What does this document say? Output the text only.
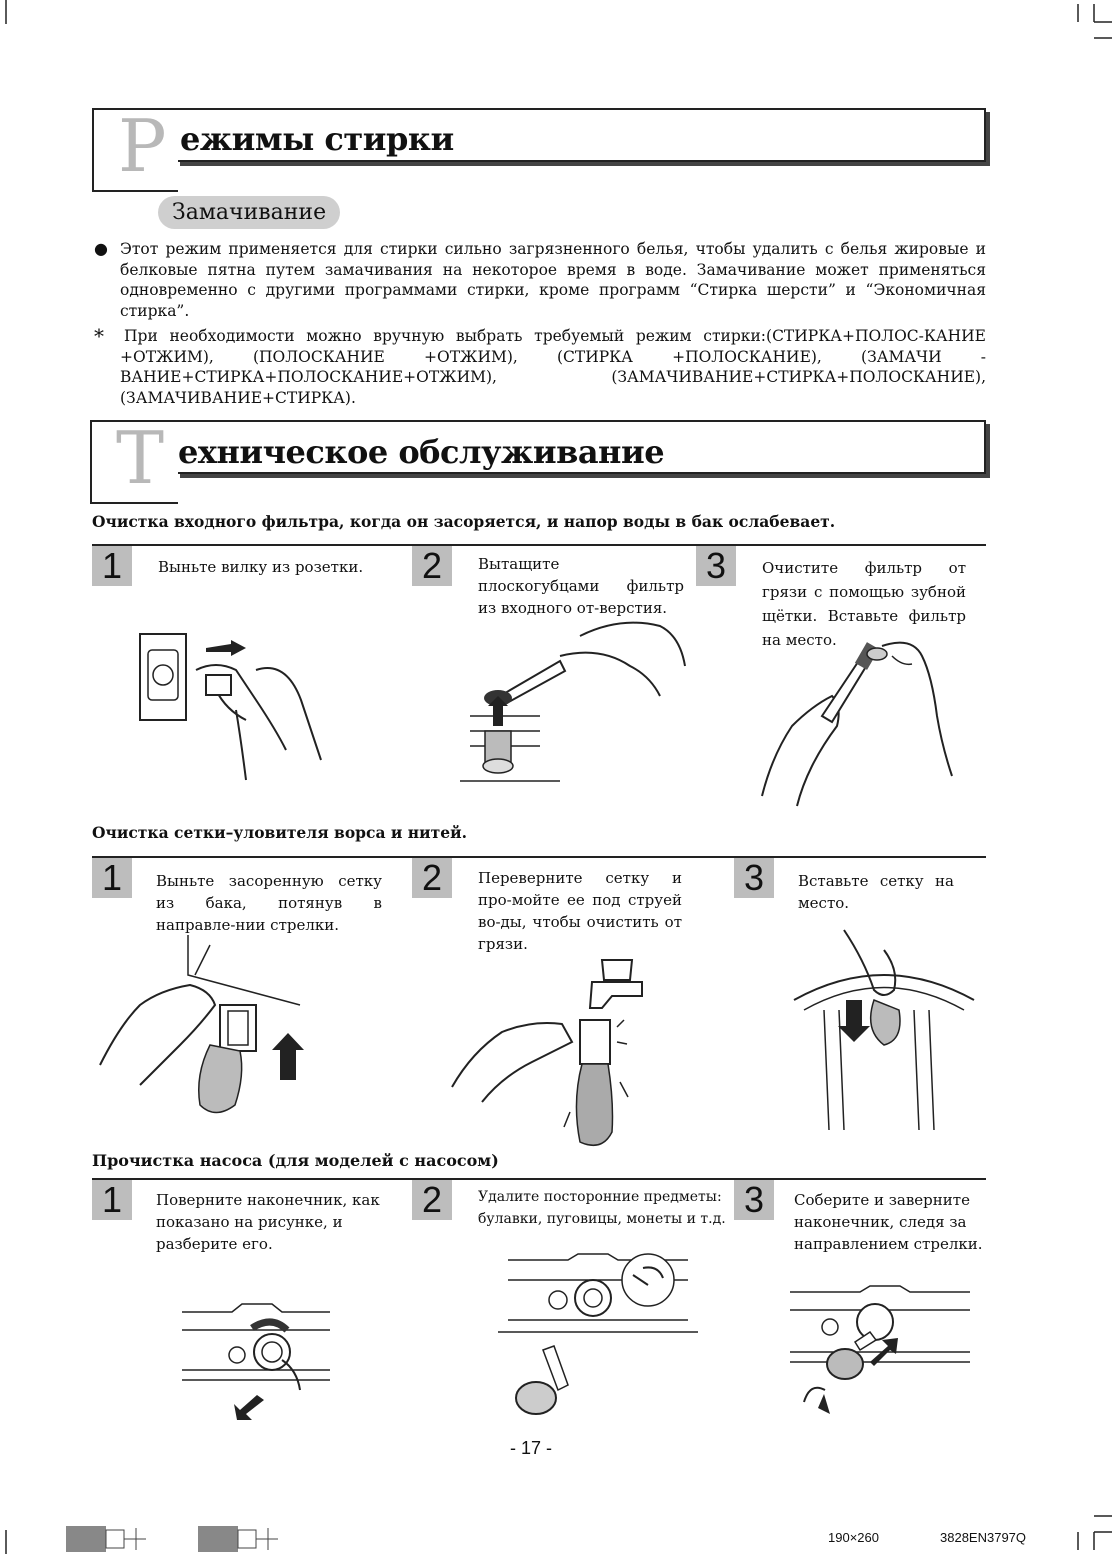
Р ежимы стирки
Замачивание
● Этот режим применяется для стирки сильно загрязненного белья, чтобы удалить с белья жировые и белковые пятна путем замачивания на некоторое время в воде. Замачивание может применяться одновременно с другими программами стирки, кроме программ “Стирка шерсти” и “Экономичная стирка”.
* При необходимости можно вручную выбрать требуемый режим стирки:(СТИРКА+ПОЛОС-КАНИЕ +ОТЖИМ), (ПОЛОСКАНИЕ +ОТЖИМ), (СТИРКА +ПОЛОСКАНИЕ), (ЗАМАЧИ - ВАНИЕ+СТИРКА+ПОЛОСКАНИЕ+ОТЖИМ), (ЗАМАЧИВАНИЕ+СТИРКА+ПОЛОСКАНИЕ), (ЗАМАЧИВАНИЕ+СТИРКА).
Т ехническое обслуживание
Очистка входного фильтра, когда он засоряется, и напор воды в бак ослабевает.
1	Выньте вилку из розетки.	2	Вытащите плоскогубцами фильтр из входного от-верстия.
3	Очистите фильтр от грязи с помощью зубной щётки. Вставьте фильтр на место.
Очистка сетки–уловителя ворса и нитей.
1	Выньте засоренную сетку из бака, потянув в направле-нии стрелки.
2	Переверните сетку и про-мойте ее под струей во-ды, чтобы очистить от грязи.
3	Вставьте сетку на место.
Прочистка насоса (для моделей с насосом)
1	Поверните наконечник, как показано на рисунке, и разберите его.
2	Удалите посторонние предметы: булавки, пуговицы, монеты и т.д. 3	Соберите и заверните наконечник, следя за направлением стрелки.
- 17 -
190×260	3828EN3797Q
